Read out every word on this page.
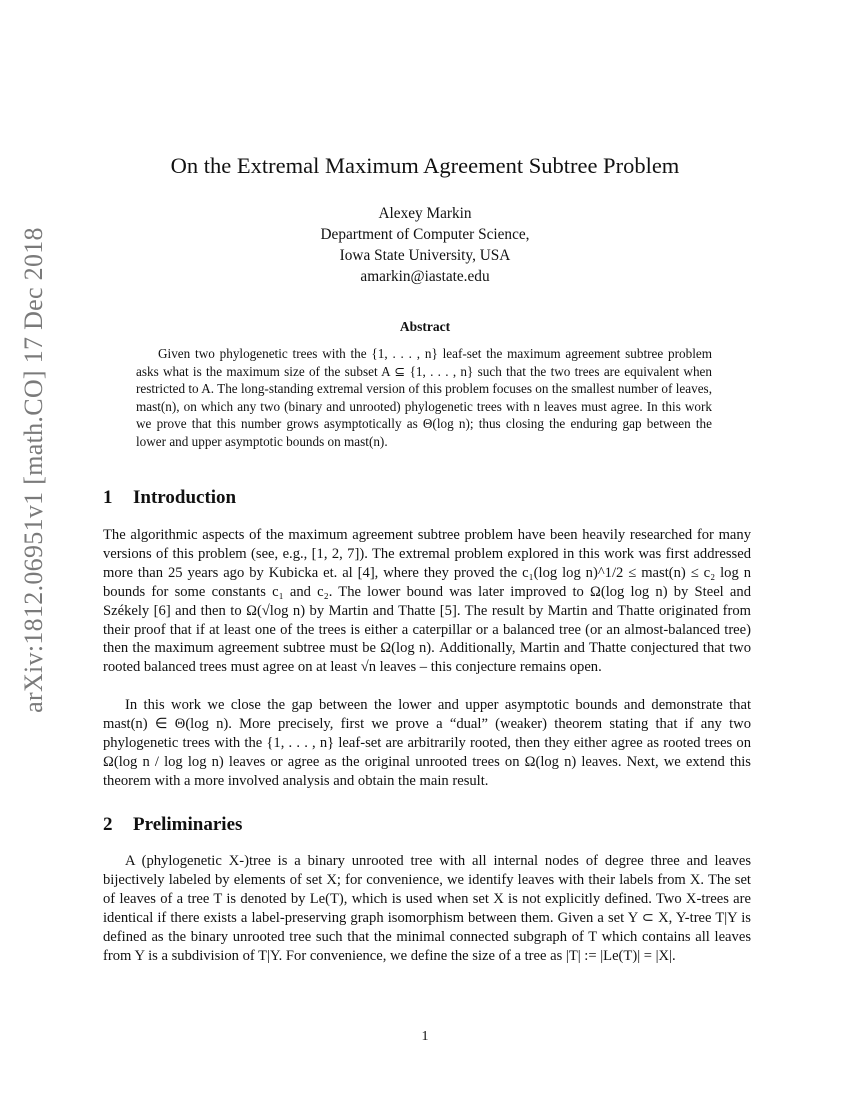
arXiv:1812.06951v1 [math.CO] 17 Dec 2018
On the Extremal Maximum Agreement Subtree Problem
Alexey Markin
Department of Computer Science,
Iowa State University, USA
amarkin@iastate.edu
Abstract

Given two phylogenetic trees with the {1, . . . , n} leaf-set the maximum agreement subtree problem asks what is the maximum size of the subset A ⊆ {1, . . . , n} such that the two trees are equivalent when restricted to A. The long-standing extremal version of this problem focuses on the smallest number of leaves, mast(n), on which any two (binary and unrooted) phylogenetic trees with n leaves must agree. In this work we prove that this number grows asymptotically as Θ(log n); thus closing the enduring gap between the lower and upper asymptotic bounds on mast(n).

1 Introduction

The algorithmic aspects of the maximum agreement subtree problem have been heavily researched for many versions of this problem (see, e.g., [1, 2, 7]). The extremal problem explored in this work was first addressed more than 25 years ago by Kubicka et. al [4], where they proved the c₁(log log n)^1/2 ≤ mast(n) ≤ c₂ log n bounds for some constants c₁ and c₂. The lower bound was later improved to Ω(log log n) by Steel and Székely [6] and then to Ω(√log n) by Martin and Thatte [5]. The result by Martin and Thatte originated from their proof that if at least one of the trees is either a caterpillar or a balanced tree (or an almost-balanced tree) then the maximum agreement subtree must be Ω(log n). Additionally, Martin and Thatte conjectured that two rooted balanced trees must agree on at least √n leaves – this conjecture remains open.

In this work we close the gap between the lower and upper asymptotic bounds and demonstrate that mast(n) ∈ Θ(log n). More precisely, first we prove a “dual” (weaker) theorem stating that if any two phylogenetic trees with the {1, . . . , n} leaf-set are arbitrarily rooted, then they either agree as rooted trees on Ω(log n / log log n) leaves or agree as the original unrooted trees on Ω(log n) leaves. Next, we extend this theorem with a more involved analysis and obtain the main result.

2 Preliminaries

A (phylogenetic X-)tree is a binary unrooted tree with all internal nodes of degree three and leaves bijectively labeled by elements of set X; for convenience, we identify leaves with their labels from X. The set of leaves of a tree T is denoted by Le(T), which is used when set X is not explicitly defined. Two X-trees are identical if there exists a label-preserving graph isomorphism between them. Given a set Y ⊂ X, Y-tree T|Y is defined as the binary unrooted tree such that the minimal connected subgraph of T which contains all leaves from Y is a subdivision of T|Y. For convenience, we define the size of a tree as |T| := |Le(T)| = |X|.

1
